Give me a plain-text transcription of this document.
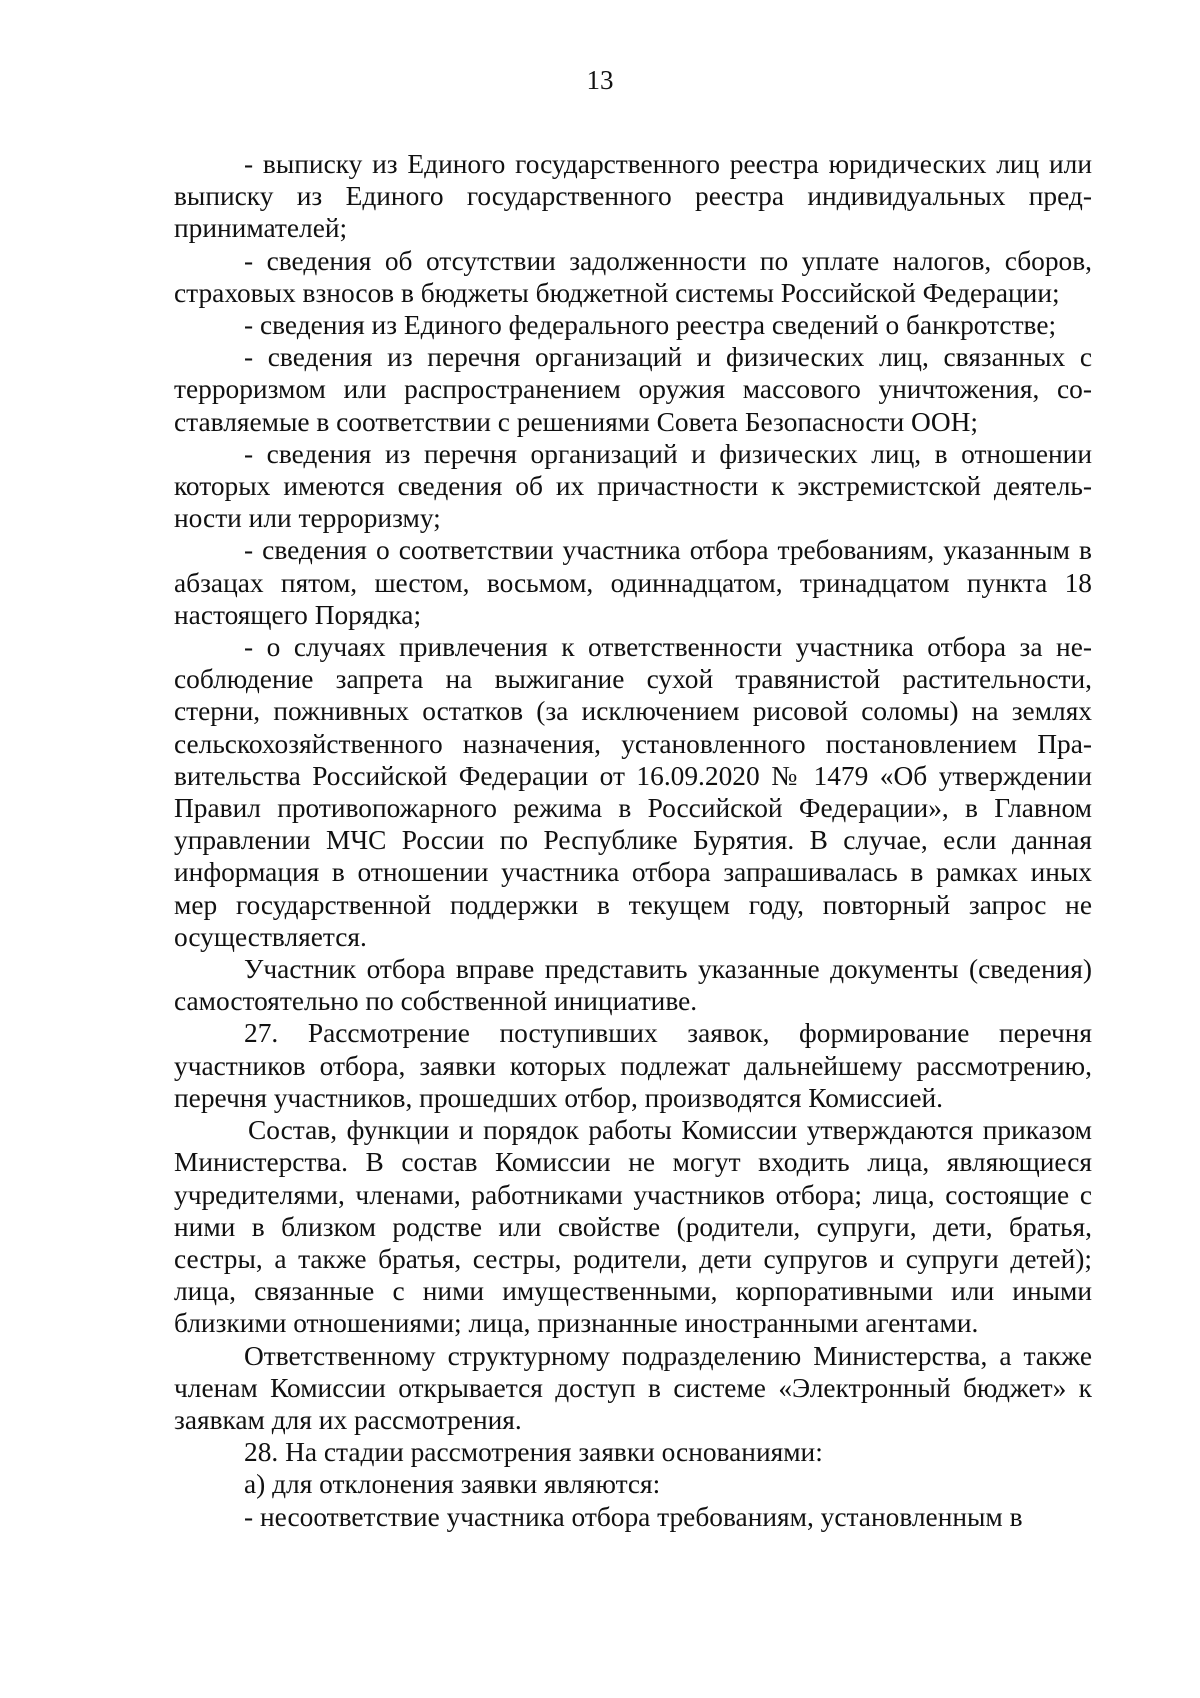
13

- выписку из Единого государственного реестра юридических лиц или выписку из Единого государственного реестра индивидуальных предпринимателей;

- сведения об отсутствии задолженности по уплате налогов, сборов, страховых взносов в бюджеты бюджетной системы Российской Федерации;

- сведения из Единого федерального реестра сведений о банкротстве;

- сведения из перечня организаций и физических лиц, связанных с терроризмом или распространением оружия массового уничтожения, составляемые в соответствии с решениями Совета Безопасности ООН;

- сведения из перечня организаций и физических лиц, в отношении которых имеются сведения об их причастности к экстремистской деятельности или терроризму;

- сведения о соответствии участника отбора требованиям, указанным в абзацах пятом, шестом, восьмом, одиннадцатом, тринадцатом пункта 18 настоящего Порядка;

- о случаях привлечения к ответственности участника отбора за несоблюдение запрета на выжигание сухой травянистой растительности, стерни, пожнивных остатков (за исключением рисовой соломы) на землях сельскохозяйственного назначения, установленного постановлением Правительства Российской Федерации от 16.09.2020 № 1479 «Об утверждении Правил противопожарного режима в Российской Федерации», в Главном управлении МЧС России по Республике Бурятия. В случае, если данная информация в отношении участника отбора запрашивалась в рамках иных мер государственной поддержки в текущем году, повторный запрос не осуществляется.

Участник отбора вправе представить указанные документы (сведения) самостоятельно по собственной инициативе.

27. Рассмотрение поступивших заявок, формирование перечня участников отбора, заявки которых подлежат дальнейшему рассмотрению, перечня участников, прошедших отбор, производятся Комиссией.

Состав, функции и порядок работы Комиссии утверждаются приказом Министерства. В состав Комиссии не могут входить лица, являющиеся учредителями, членами, работниками участников отбора; лица, состоящие с ними в близком родстве или свойстве (родители, супруги, дети, братья, сестры, а также братья, сестры, родители, дети супругов и супруги детей); лица, связанные с ними имущественными, корпоративными или иными близкими отношениями; лица, признанные иностранными агентами.

Ответственному структурному подразделению Министерства, а также членам Комиссии открывается доступ в системе «Электронный бюджет» к заявкам для их рассмотрения.

28. На стадии рассмотрения заявки основаниями:

а) для отклонения заявки являются:

- несоответствие участника отбора требованиям, установленным в
